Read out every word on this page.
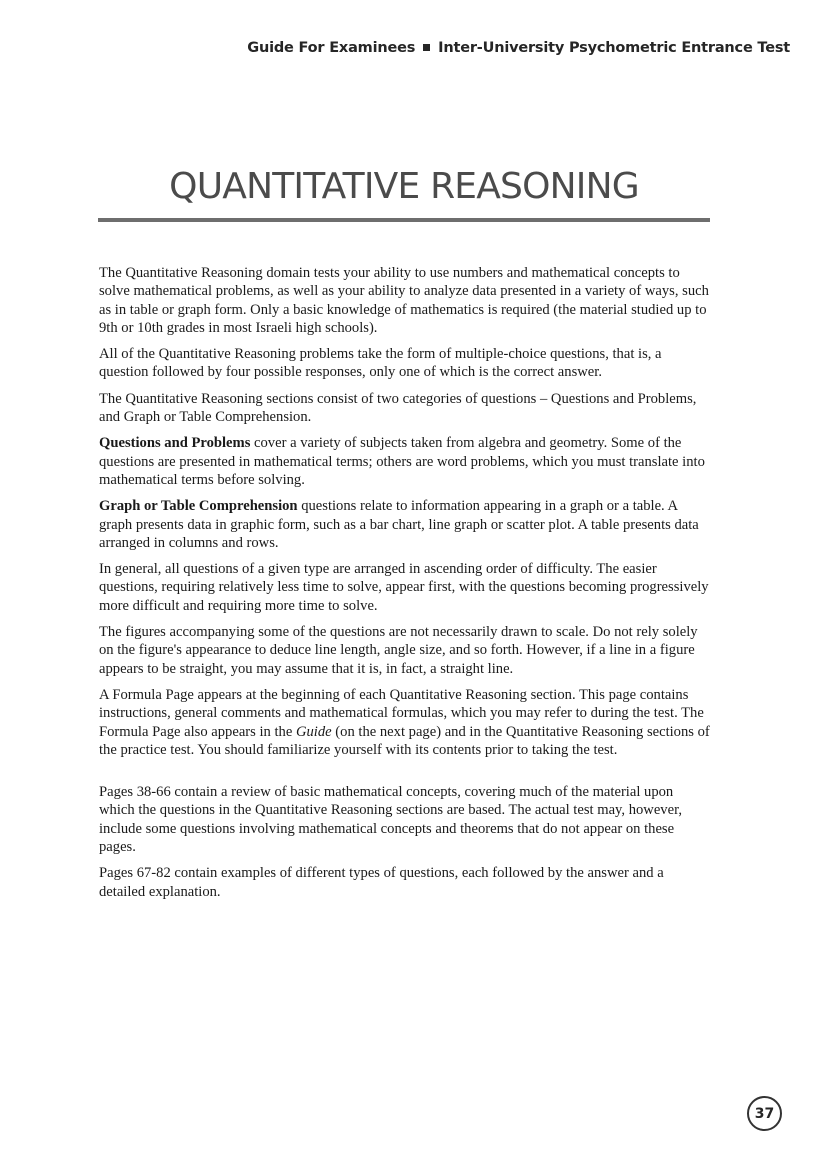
Guide For Examinees Inter-University Psychometric Entrance Test
QUANTITATIVE REASONING

The Quantitative Reasoning domain tests your ability to use numbers and mathematical concepts to solve mathematical problems, as well as your ability to analyze data presented in a variety of ways, such as in table or graph form. Only a basic knowledge of mathematics is required (the material studied up to 9th or 10th grades in most Israeli high schools).

All of the Quantitative Reasoning problems take the form of multiple-choice questions, that is, a question followed by four possible responses, only one of which is the correct answer.

The Quantitative Reasoning sections consist of two categories of questions – Questions and Problems, and Graph or Table Comprehension.

Questions and Problems cover a variety of subjects taken from algebra and geometry. Some of the questions are presented in mathematical terms; others are word problems, which you must translate into mathematical terms before solving.

Graph or Table Comprehension questions relate to information appearing in a graph or a table. A graph presents data in graphic form, such as a bar chart, line graph or scatter plot. A table presents data arranged in columns and rows.

In general, all questions of a given type are arranged in ascending order of difficulty. The easier questions, requiring relatively less time to solve, appear first, with the questions becoming progressively more difficult and requiring more time to solve.

The figures accompanying some of the questions are not necessarily drawn to scale. Do not rely solely on the figure's appearance to deduce line length, angle size, and so forth. However, if a line in a figure appears to be straight, you may assume that it is, in fact, a straight line.

A Formula Page appears at the beginning of each Quantitative Reasoning section. This page contains instructions, general comments and mathematical formulas, which you may refer to during the test. The Formula Page also appears in the Guide (on the next page) and in the Quantitative Reasoning sections of the practice test. You should familiarize yourself with its contents prior to taking the test.

Pages 38-66 contain a review of basic mathematical concepts, covering much of the material upon which the questions in the Quantitative Reasoning sections are based. The actual test may, however, include some questions involving mathematical concepts and theorems that do not appear on these pages.

Pages 67-82 contain examples of different types of questions, each followed by the answer and a detailed explanation.

37
